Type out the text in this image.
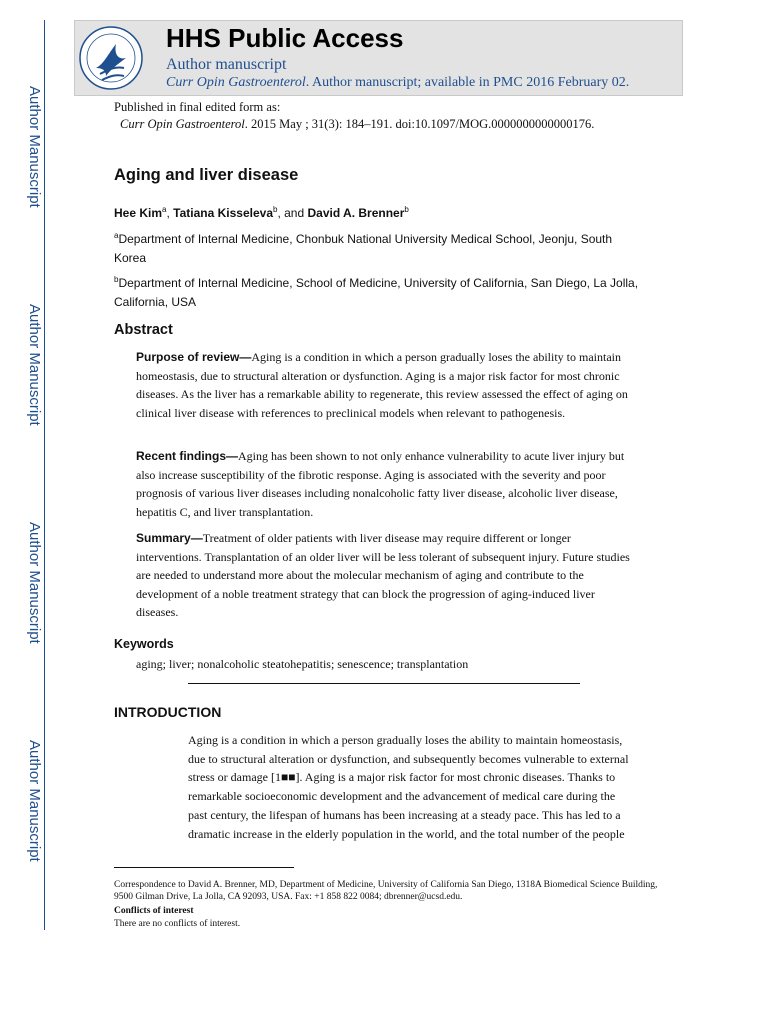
Author Manuscript
Author Manuscript
Author Manuscript
Author Manuscript
HHS Public Access
Author manuscript
Curr Opin Gastroenterol. Author manuscript; available in PMC 2016 February 02.
Published in final edited form as:
Curr Opin Gastroenterol. 2015 May ; 31(3): 184–191. doi:10.1097/MOG.0000000000000176.
Aging and liver disease
Hee Kim$^a$, Tatiana Kisseleva$^b$, and David A. Brenner$^b$
$^a$Department of Internal Medicine, Chonbuk National University Medical School, Jeonju, South Korea
$^b$Department of Internal Medicine, School of Medicine, University of California, San Diego, La Jolla, California, USA
Abstract
Purpose of review—Aging is a condition in which a person gradually loses the ability to maintain homeostasis, due to structural alteration or dysfunction. Aging is a major risk factor for most chronic diseases. As the liver has a remarkable ability to regenerate, this review assessed the effect of aging on clinical liver disease with references to preclinical models when relevant to pathogenesis.
Recent findings—Aging has been shown to not only enhance vulnerability to acute liver injury but also increase susceptibility of the fibrotic response. Aging is associated with the severity and poor prognosis of various liver diseases including nonalcoholic fatty liver disease, alcoholic liver disease, hepatitis C, and liver transplantation.
Summary—Treatment of older patients with liver disease may require different or longer interventions. Transplantation of an older liver will be less tolerant of subsequent injury. Future studies are needed to understand more about the molecular mechanism of aging and contribute to the development of a noble treatment strategy that can block the progression of aging-induced liver diseases.
Keywords
aging; liver; nonalcoholic steatohepatitis; senescence; transplantation
INTRODUCTION
Aging is a condition in which a person gradually loses the ability to maintain homeostasis,
due to structural alteration or dysfunction, and subsequently becomes vulnerable to external
stress or damage [1■■]. Aging is a major risk factor for most chronic diseases. Thanks to
remarkable socioeconomic development and the advancement of medical care during the
past century, the lifespan of humans has been increasing at a steady pace. This has led to a
dramatic increase in the elderly population in the world, and the total number of the people
Correspondence to David A. Brenner, MD, Department of Medicine, University of California San Diego, 1318A Biomedical Science Building, 9500 Gilman Drive, La Jolla, CA 92093, USA. Fax: +1 858 822 0084; dbrenner@ucsd.edu.
Conflicts of interest
There are no conflicts of interest.
